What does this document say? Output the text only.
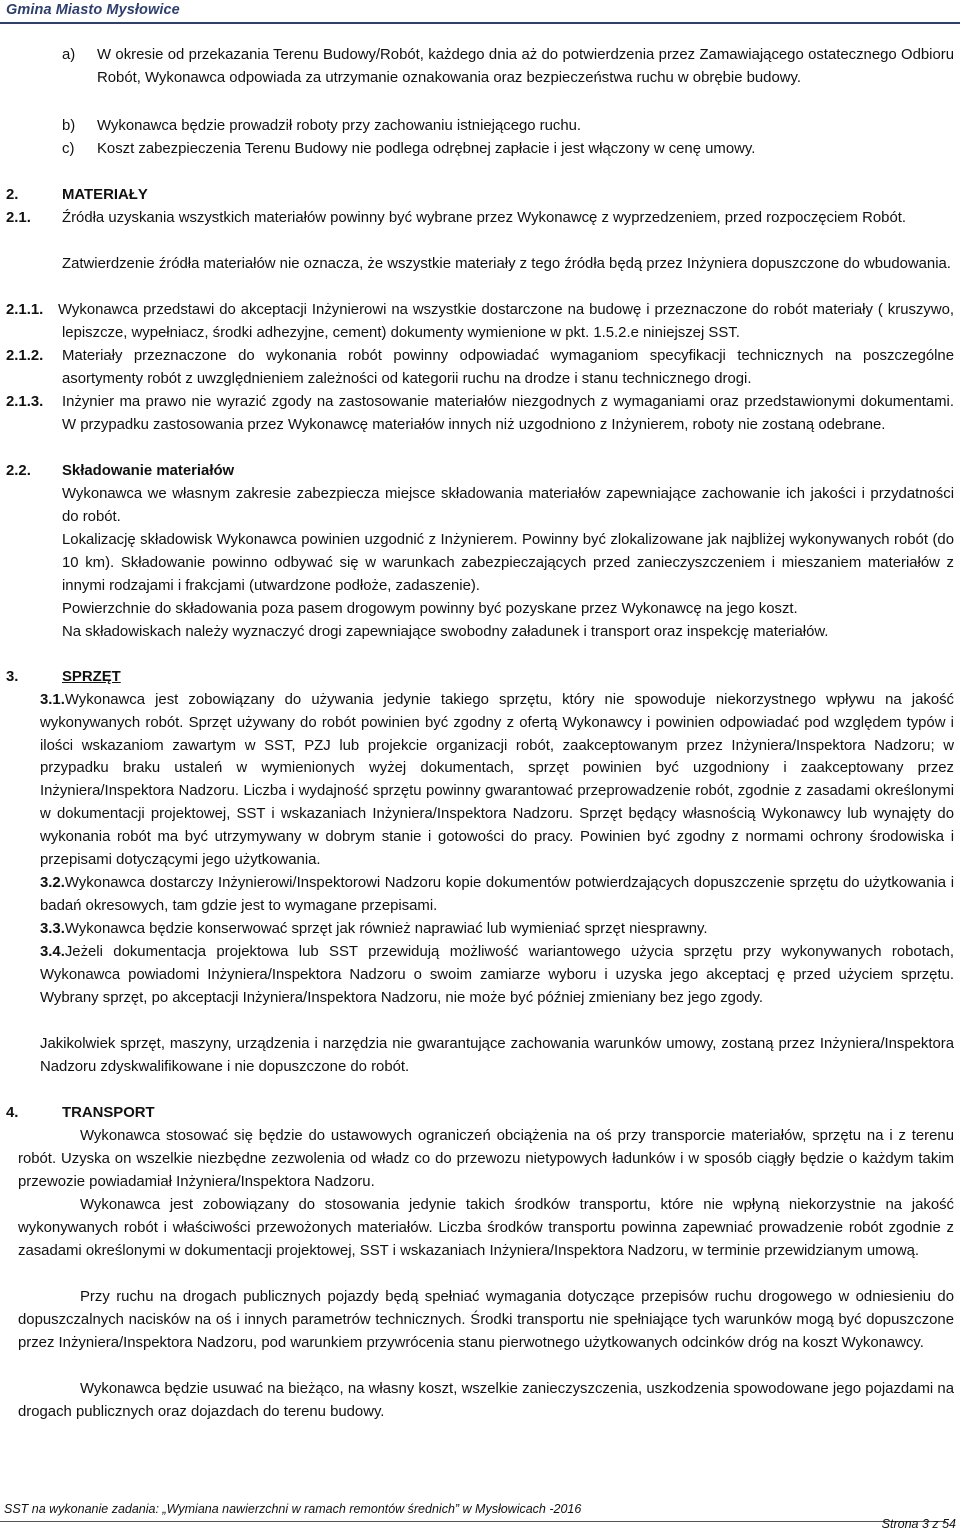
Gmina Miasto Mysłowice
a) W okresie od przekazania Terenu Budowy/Robót, każdego dnia aż do potwierdzenia przez Zamawiającego ostatecznego Odbioru Robót, Wykonawca odpowiada za utrzymanie oznakowania oraz bezpieczeństwa ruchu w obrębie budowy.
b) Wykonawca będzie prowadził roboty przy zachowaniu istniejącego ruchu.
c) Koszt zabezpieczenia Terenu Budowy nie podlega odrębnej zapłacie i jest włączony w cenę umowy.
2.	MATERIAŁY
2.1. Źródła uzyskania wszystkich materiałów powinny być wybrane przez Wykonawcę z wyprzedzeniem, przed rozpoczęciem Robót.
Zatwierdzenie źródła materiałów nie oznacza, że wszystkie materiały z tego źródła będą przez Inżyniera dopuszczone do wbudowania.
2.1.1. Wykonawca przedstawi do akceptacji Inżynierowi na wszystkie dostarczone na budowę i przeznaczone do robót materiały ( kruszywo, lepiszcze, wypełniacz, środki adhezyjne, cement) dokumenty wymienione w pkt. 1.5.2.e niniejszej SST.
2.1.2. Materiały przeznaczone do wykonania robót powinny odpowiadać wymaganiom specyfikacji technicznych na poszczególne asortymenty robót z uwzględnieniem zależności od kategorii ruchu na drodze i stanu technicznego drogi.
2.1.3. Inżynier ma prawo nie wyrazić zgody na zastosowanie materiałów niezgodnych z wymaganiami oraz przedstawionymi dokumentami. W przypadku zastosowania przez Wykonawcę materiałów innych niż uzgodniono z Inżynierem, roboty nie zostaną odebrane.
2.2. Składowanie materiałów
Wykonawca we własnym zakresie zabezpiecza miejsce składowania materiałów zapewniające zachowanie ich jakości i przydatności do robót.
Lokalizację składowisk Wykonawca powinien uzgodnić z Inżynierem. Powinny być zlokalizowane jak najbliżej wykonywanych robót (do 10 km). Składowanie powinno odbywać się w warunkach zabezpieczających przed zanieczyszczeniem i mieszaniem materiałów z innymi rodzajami i frakcjami (utwardzone podłoże, zadaszenie).
Powierzchnie do składowania poza pasem drogowym powinny być pozyskane przez Wykonawcę na jego koszt.
Na składowiskach należy wyznaczyć drogi zapewniające swobodny załadunek i transport oraz inspekcję materiałów.
3.	SPRZĘT
3.1.Wykonawca jest zobowiązany do używania jedynie takiego sprzętu, który nie spowoduje niekorzystnego wpływu na jakość wykonywanych robót. Sprzęt używany do robót powinien być zgodny z ofertą Wykonawcy i powinien odpowiadać pod względem typów i ilości wskazaniom zawartym w SST, PZJ lub projekcie organizacji robót, zaakceptowanym przez Inżyniera/Inspektora Nadzoru; w przypadku braku ustaleń w wymienionych wyżej dokumentach, sprzęt powinien być uzgodniony i zaakceptowany przez Inżyniera/Inspektora Nadzoru. Liczba i wydajność sprzętu powinny gwarantować przeprowadzenie robót, zgodnie z zasadami określonymi w dokumentacji projektowej, SST i wskazaniach Inżyniera/Inspektora Nadzoru. Sprzęt będący własnością Wykonawcy lub wynajęty do wykonania robót ma być utrzymywany w dobrym stanie i gotowości do pracy. Powinien być zgodny z normami ochrony środowiska i przepisami dotyczącymi jego użytkowania.
3.2.Wykonawca dostarczy Inżynierowi/Inspektorowi Nadzoru kopie dokumentów potwierdzających dopuszczenie sprzętu do użytkowania i badań okresowych, tam gdzie jest to wymagane przepisami.
3.3.Wykonawca będzie konserwować sprzęt jak również naprawiać lub wymieniać sprzęt niesprawny.
3.4.Jeżeli dokumentacja projektowa lub SST przewidują możliwość wariantowego użycia sprzętu przy wykonywanych robotach, Wykonawca powiadomi Inżyniera/Inspektora Nadzoru o swoim zamiarze wyboru i uzyska jego akceptacj ę przed użyciem sprzętu. Wybrany sprzęt, po akceptacji Inżyniera/Inspektora Nadzoru, nie może być później zmieniany bez jego zgody.
Jakikolwiek sprzęt, maszyny, urządzenia i narzędzia nie gwarantujące zachowania warunków umowy, zostaną przez Inżyniera/Inspektora Nadzoru zdyskwalifikowane i nie dopuszczone do robót.
4.	TRANSPORT
Wykonawca stosować się będzie do ustawowych ograniczeń obciążenia na oś przy transporcie materiałów, sprzętu na i z terenu robót. Uzyska on wszelkie niezbędne zezwolenia od władz co do przewozu nietypowych ładunków i w sposób ciągły będzie o każdym takim przewozie powiadamiał Inżyniera/Inspektora Nadzoru.
Wykonawca jest zobowiązany do stosowania jedynie takich środków transportu, które nie wpłyną niekorzystnie na jakość wykonywanych robót i właściwości przewożonych materiałów. Liczba środków transportu powinna zapewniać prowadzenie robót zgodnie z zasadami określonymi w dokumentacji projektowej, SST i wskazaniach Inżyniera/Inspektora Nadzoru, w terminie przewidzianym umową.
Przy ruchu na drogach publicznych pojazdy będą spełniać wymagania dotyczące przepisów ruchu drogowego w odniesieniu do dopuszczalnych nacisków na oś i innych parametrów technicznych. Środki transportu nie spełniające tych warunków mogą być dopuszczone przez Inżyniera/Inspektora Nadzoru, pod warunkiem przywrócenia stanu pierwotnego użytkowanych odcinków dróg na koszt Wykonawcy.
Wykonawca będzie usuwać na bieżąco, na własny koszt, wszelkie zanieczyszczenia, uszkodzenia spowodowane jego pojazdami na drogach publicznych oraz dojazdach do terenu budowy.
SST na wykonanie zadania: „Wymiana nawierzchni w ramach remontów średnich” w Mysłowicach -2016
Strona 3 z 54
